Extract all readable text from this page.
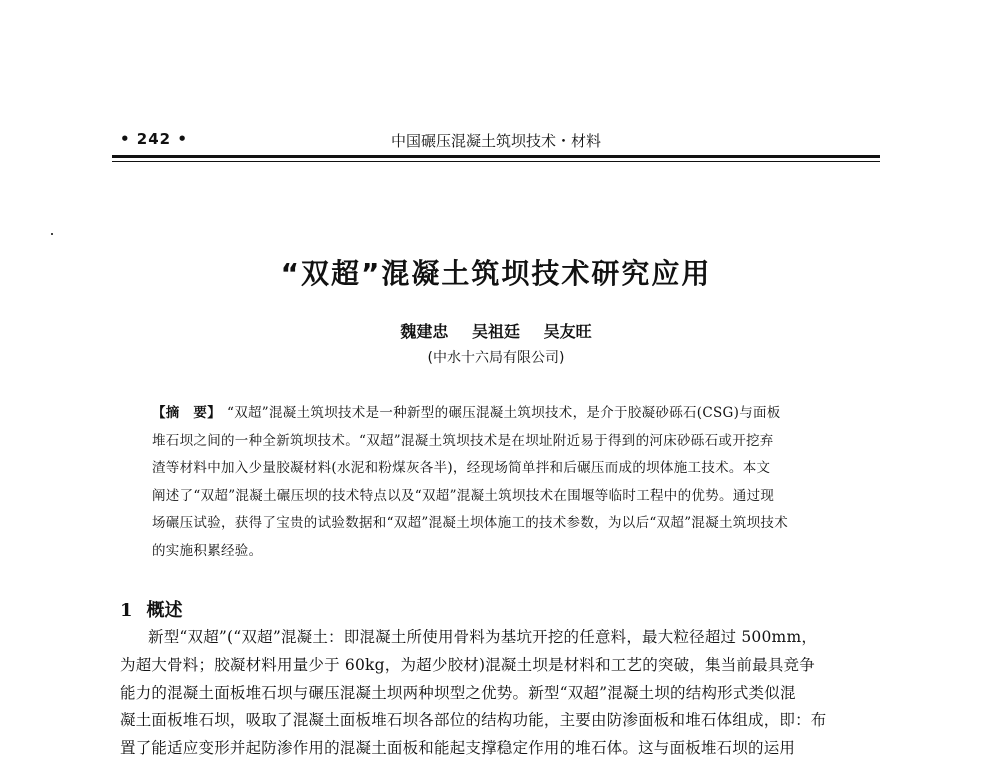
• 242 •	中国碾压混凝土筑坝技术・材料
“双超”混凝土筑坝技术研究应用
魏建忠 吴祖廷 吴友旺
(中水十六局有限公司)
【摘　要】 “双超”混凝土筑坝技术是一种新型的碾压混凝土筑坝技术，是介于胶凝砂砾石(CSG)与面板
堆石坝之间的一种全新筑坝技术。“双超”混凝土筑坝技术是在坝址附近易于得到的河床砂砾石或开挖弃
渣等材料中加入少量胶凝材料(水泥和粉煤灰各半)，经现场简单拌和后碾压而成的坝体施工技术。本文
阐述了“双超”混凝土碾压坝的技术特点以及“双超”混凝土筑坝技术在围堰等临时工程中的优势。通过现
场碾压试验，获得了宝贵的试验数据和“双超”混凝土坝体施工的技术参数，为以后“双超”混凝土筑坝技术
的实施积累经验。
1 概述
新型“双超”(“双超”混凝土：即混凝土所使用骨料为基坑开挖的任意料，最大粒径超过 500mm，
为超大骨料；胶凝材料用量少于 60kg，为超少胶材)混凝土坝是材料和工艺的突破，集当前最具竞争
能力的混凝土面板堆石坝与碾压混凝土坝两种坝型之优势。新型“双超”混凝土坝的结构形式类似混
凝土面板堆石坝，吸取了混凝土面板堆石坝各部位的结构功能，主要由防渗面板和堆石体组成，即：布
置了能适应变形并起防渗作用的混凝土面板和能起支撑稳定作用的堆石体。这与面板堆石坝的运用
